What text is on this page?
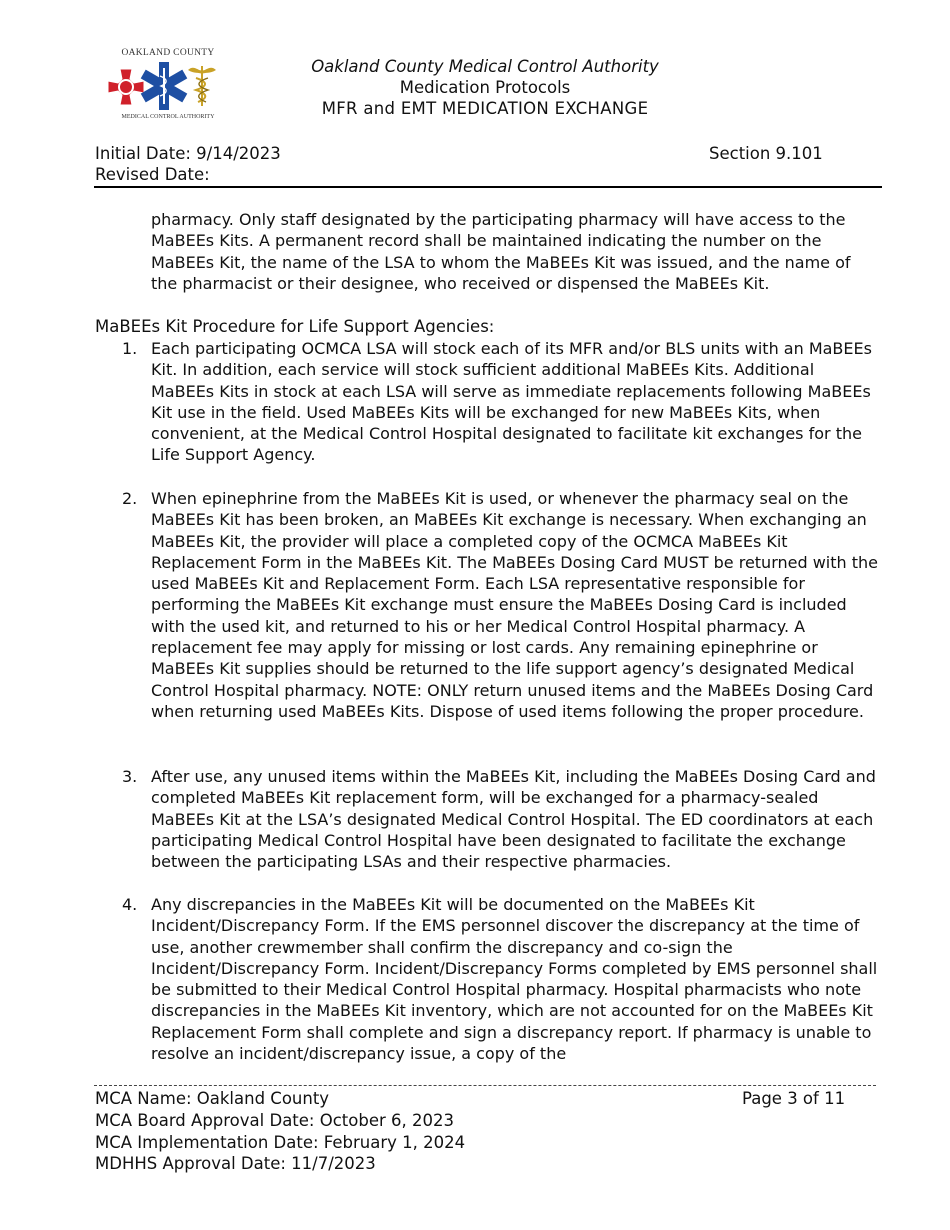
OAKLAND COUNTY
MEDICAL CONTROL AUTHORITY
Oakland County Medical Control Authority
Medication Protocols
MFR and EMT MEDICATION EXCHANGE
Initial Date: 9/14/2023
Revised Date:
Section 9.101

pharmacy. Only staff designated by the participating pharmacy will have access to the MaBEEs Kits. A permanent record shall be maintained indicating the number on the MaBEEs Kit, the name of the LSA to whom the MaBEEs Kit was issued, and the name of the pharmacist or their designee, who received or dispensed the MaBEEs Kit.

MaBEEs Kit Procedure for Life Support Agencies:
1. Each participating OCMCA LSA will stock each of its MFR and/or BLS units with an MaBEEs Kit. In addition, each service will stock sufficient additional MaBEEs Kits. Additional MaBEEs Kits in stock at each LSA will serve as immediate replacements following MaBEEs Kit use in the field. Used MaBEEs Kits will be exchanged for new MaBEEs Kits, when convenient, at the Medical Control Hospital designated to facilitate kit exchanges for the Life Support Agency.

2. When epinephrine from the MaBEEs Kit is used, or whenever the pharmacy seal on the MaBEEs Kit has been broken, an MaBEEs Kit exchange is necessary. When exchanging an MaBEEs Kit, the provider will place a completed copy of the OCMCA MaBEEs Kit Replacement Form in the MaBEEs Kit. The MaBEEs Dosing Card MUST be returned with the used MaBEEs Kit and Replacement Form. Each LSA representative responsible for performing the MaBEEs Kit exchange must ensure the MaBEEs Dosing Card is included with the used kit, and returned to his or her Medical Control Hospital pharmacy. A replacement fee may apply for missing or lost cards. Any remaining epinephrine or MaBEEs Kit supplies should be returned to the life support agency’s designated Medical Control Hospital pharmacy. NOTE: ONLY return unused items and the MaBEEs Dosing Card when returning used MaBEEs Kits. Dispose of used items following the proper procedure.

3. After use, any unused items within the MaBEEs Kit, including the MaBEEs Dosing Card and completed MaBEEs Kit replacement form, will be exchanged for a pharmacy-sealed MaBEEs Kit at the LSA’s designated Medical Control Hospital. The ED coordinators at each participating Medical Control Hospital have been designated to facilitate the exchange between the participating LSAs and their respective pharmacies.

4. Any discrepancies in the MaBEEs Kit will be documented on the MaBEEs Kit Incident/Discrepancy Form. If the EMS personnel discover the discrepancy at the time of use, another crewmember shall confirm the discrepancy and co-sign the Incident/Discrepancy Form. Incident/Discrepancy Forms completed by EMS personnel shall be submitted to their Medical Control Hospital pharmacy. Hospital pharmacists who note discrepancies in the MaBEEs Kit inventory, which are not accounted for on the MaBEEs Kit Replacement Form shall complete and sign a discrepancy report. If pharmacy is unable to resolve an incident/discrepancy issue, a copy of the

MCA Name: Oakland County
MCA Board Approval Date: October 6, 2023
MCA Implementation Date: February 1, 2024
MDHHS Approval Date: 11/7/2023
Page 3 of 11
